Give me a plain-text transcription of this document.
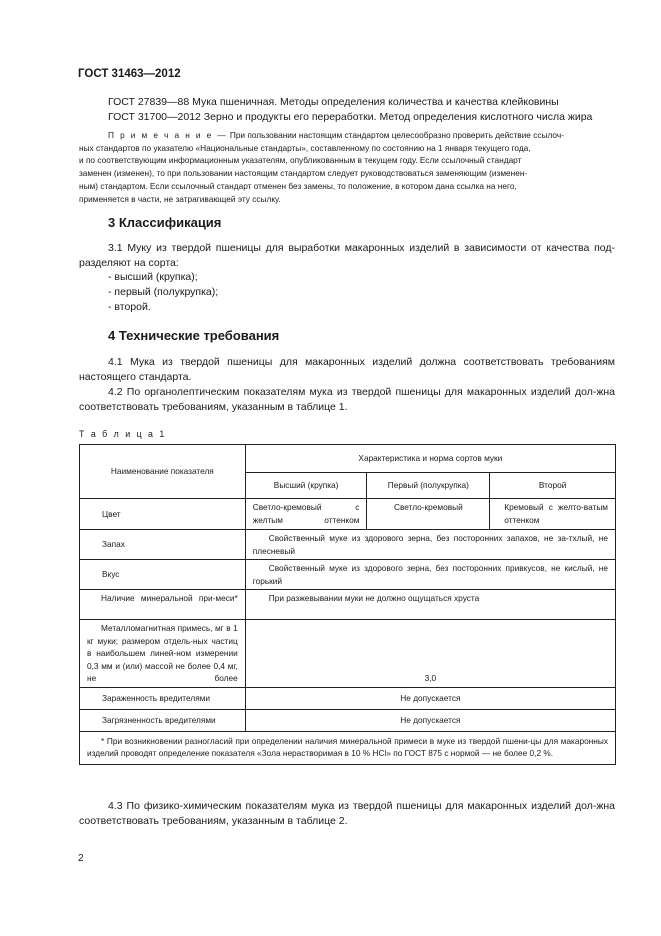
ГОСТ 31463—2012
ГОСТ 27839—88 Мука пшеничная. Методы определения количества и качества клейковины
ГОСТ 31700—2012 Зерно и продукты его переработки. Метод определения кислотного числа жира
П р и м е ч а н и е — При пользовании настоящим стандартом целесообразно проверить действие ссылоч-
ных стандартов по указателю «Национальные стандарты», составленному по состоянию на 1 января текущего года,
и по соответствующим информационным указателям, опубликованным в текущем году. Если ссылочный стандарт
заменен (изменен), то при пользовании настоящим стандартом следует руководствоваться заменяющим (изменен-
ным) стандартом. Если ссылочный стандарт отменен без замены, то положение, в котором дана ссылка на него,
применяется в части, не затрагивающей эту ссылку.
3 Классификация
3.1 Муку из твердой пшеницы для выработки макаронных изделий в зависимости от качества под-разделяют на сорта:
- высший (крупка);
- первый (полукрупка);
- второй.
4 Технические требования
4.1 Мука из твердой пшеницы для макаронных изделий должна соответствовать требованиям настоящего стандарта.
4.2 По органолептическим показателям мука из твердой пшеницы для макаронных изделий дол-жна соответствовать требованиям, указанным в таблице 1.
Т а б л и ц а 1
Наименование показателя	Характеристика и норма сортов муки		
	Высший (крупка)	Первый (полукрупка)	Второй
Цвет	Светло-кремовый с желтым оттенком	Светло-кремовый	Кремовый с желто-ватым оттенком
Запах	Свойственный муке из здорового зерна, без посторонних запахов, не за-тхлый, не плесневый		
Вкус	Свойственный муке из здорового зерна, без посторонних привкусов, не кислый, не горький		
Наличие минеральной при-меси*	При разжевывании муки не должно ощущаться хруста		
Металломагнитная примесь, мг в 1 кг муки; размером отдель-ных частиц в наибольшем линей-ном измерении 0,3 мм и (или) массой не более 0,4 мг, не более	3,0		
Зараженность вредителями	Не допускается		
Загрязненность вредителями	Не допускается		
* При возникновении разногласий при определении наличия минеральной примеси в муке из твердой пшени-цы для макаронных изделий проводят определение показателя «Зола нерастворимая в 10 % HCl» по ГОСТ 875 с нормой — не более 0,2 %.			
4.3 По физико-химическим показателям мука из твердой пшеницы для макаронных изделий дол-жна соответствовать требованиям, указанным в таблице 2.
2
